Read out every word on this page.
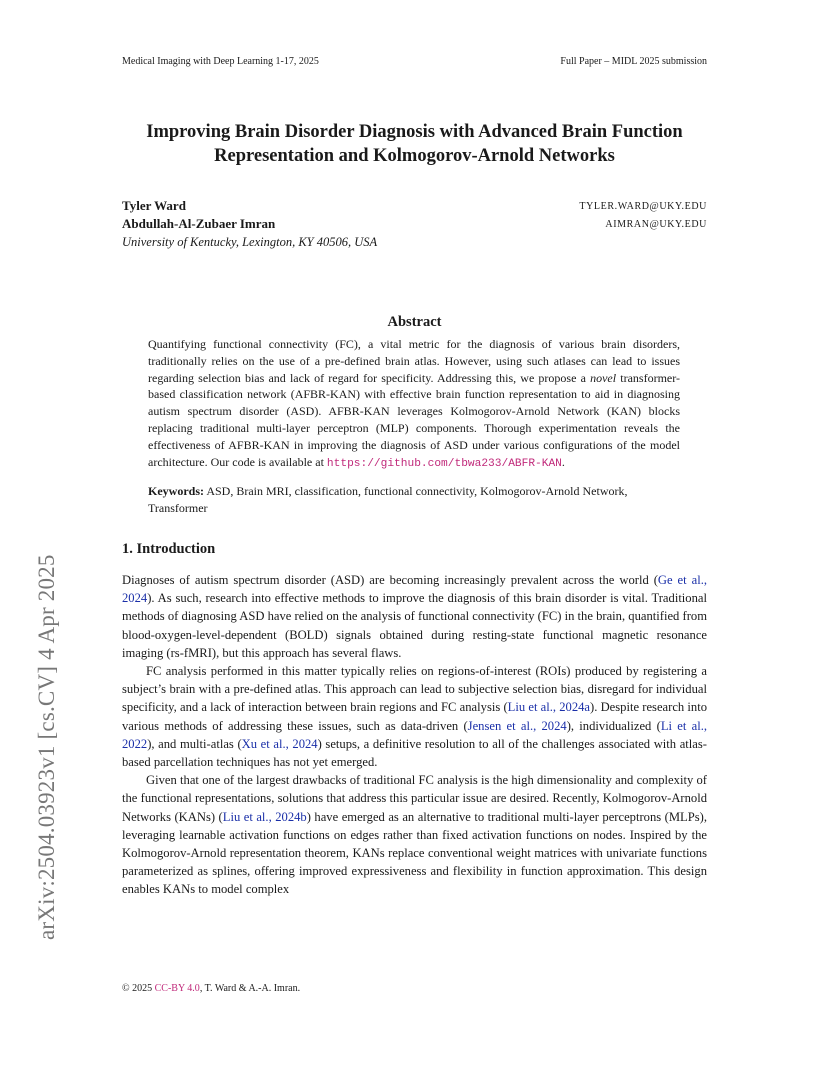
Medical Imaging with Deep Learning 1-17, 2025	Full Paper – MIDL 2025 submission
arXiv:2504.03923v1 [cs.CV] 4 Apr 2025
Improving Brain Disorder Diagnosis with Advanced Brain Function Representation and Kolmogorov-Arnold Networks
Tyler Ward	TYLER.WARD@UKY.EDU
Abdullah-Al-Zubaer Imran	AIMRAN@UKY.EDU
University of Kentucky, Lexington, KY 40506, USA
Abstract
Quantifying functional connectivity (FC), a vital metric for the diagnosis of various brain disorders, traditionally relies on the use of a pre-defined brain atlas. However, using such atlases can lead to issues regarding selection bias and lack of regard for specificity. Addressing this, we propose a novel transformer-based classification network (AFBR-KAN) with effective brain function representation to aid in diagnosing autism spectrum disorder (ASD). AFBR-KAN leverages Kolmogorov-Arnold Network (KAN) blocks replacing traditional multi-layer perceptron (MLP) components. Thorough experimentation reveals the effectiveness of AFBR-KAN in improving the diagnosis of ASD under various configurations of the model architecture. Our code is available at https://github.com/tbwa233/ABFR-KAN.
Keywords: ASD, Brain MRI, classification, functional connectivity, Kolmogorov-Arnold Network, Transformer
1. Introduction

Diagnoses of autism spectrum disorder (ASD) are becoming increasingly prevalent across the world (Ge et al., 2024). As such, research into effective methods to improve the diagnosis of this brain disorder is vital. Traditional methods of diagnosing ASD have relied on the analysis of functional connectivity (FC) in the brain, quantified from blood-oxygen-level-dependent (BOLD) signals obtained during resting-state functional magnetic resonance imaging (rs-fMRI), but this approach has several flaws.

FC analysis performed in this matter typically relies on regions-of-interest (ROIs) produced by registering a subject’s brain with a pre-defined atlas. This approach can lead to subjective selection bias, disregard for individual specificity, and a lack of interaction between brain regions and FC analysis (Liu et al., 2024a). Despite research into various methods of addressing these issues, such as data-driven (Jensen et al., 2024), individualized (Li et al., 2022), and multi-atlas (Xu et al., 2024) setups, a definitive resolution to all of the challenges associated with atlas-based parcellation techniques has not yet emerged.

Given that one of the largest drawbacks of traditional FC analysis is the high dimensionality and complexity of the functional representations, solutions that address this particular issue are desired. Recently, Kolmogorov-Arnold Networks (KANs) (Liu et al., 2024b) have emerged as an alternative to traditional multi-layer perceptrons (MLPs), leveraging learnable activation functions on edges rather than fixed activation functions on nodes. Inspired by the Kolmogorov-Arnold representation theorem, KANs replace conventional weight matrices with univariate functions parameterized as splines, offering improved expressiveness and flexibility in function approximation. This design enables KANs to model complex

© 2025 CC-BY 4.0, T. Ward & A.-A. Imran.
